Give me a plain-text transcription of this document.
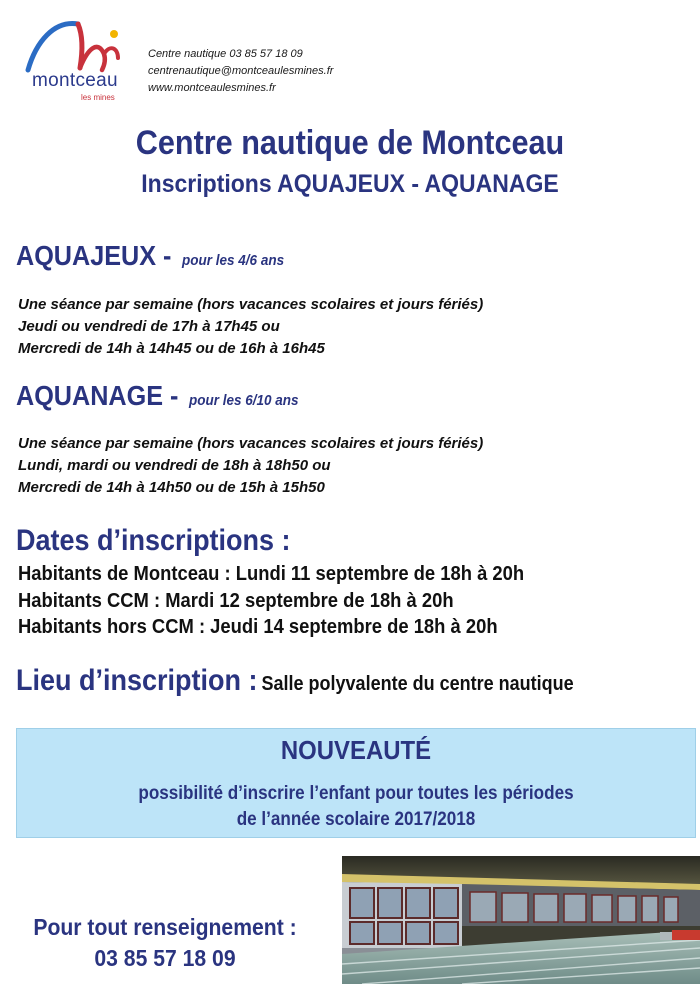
montceau
les mines
Centre nautique 03 85 57 18 09
centrenautique@montceaulesmines.fr
www.montceaulesmines.fr
Centre nautique de Montceau
Inscriptions AQUAJEUX - AQUANAGE
AQUAJEUX - pour les 4/6 ans
Une séance par semaine (hors vacances scolaires et jours fériés)
Jeudi ou vendredi de 17h à 17h45 ou
Mercredi de 14h à 14h45 ou de 16h à 16h45
AQUANAGE - pour les 6/10 ans
Une séance par semaine (hors vacances scolaires et jours fériés)
Lundi, mardi ou vendredi de 18h à 18h50 ou
Mercredi de 14h à 14h50 ou de 15h à 15h50
Dates d’inscriptions :
Habitants de Montceau : Lundi 11 septembre de 18h à 20h
Habitants CCM : Mardi 12 septembre de 18h à 20h
Habitants hors CCM : Jeudi 14 septembre de 18h à 20h
Lieu d’inscription : Salle polyvalente du centre nautique
NOUVEAUTÉ
possibilité d’inscrire l’enfant pour toutes les périodes
de l’année scolaire 2017/2018
Pour tout renseignement :
03 85 57 18 09
